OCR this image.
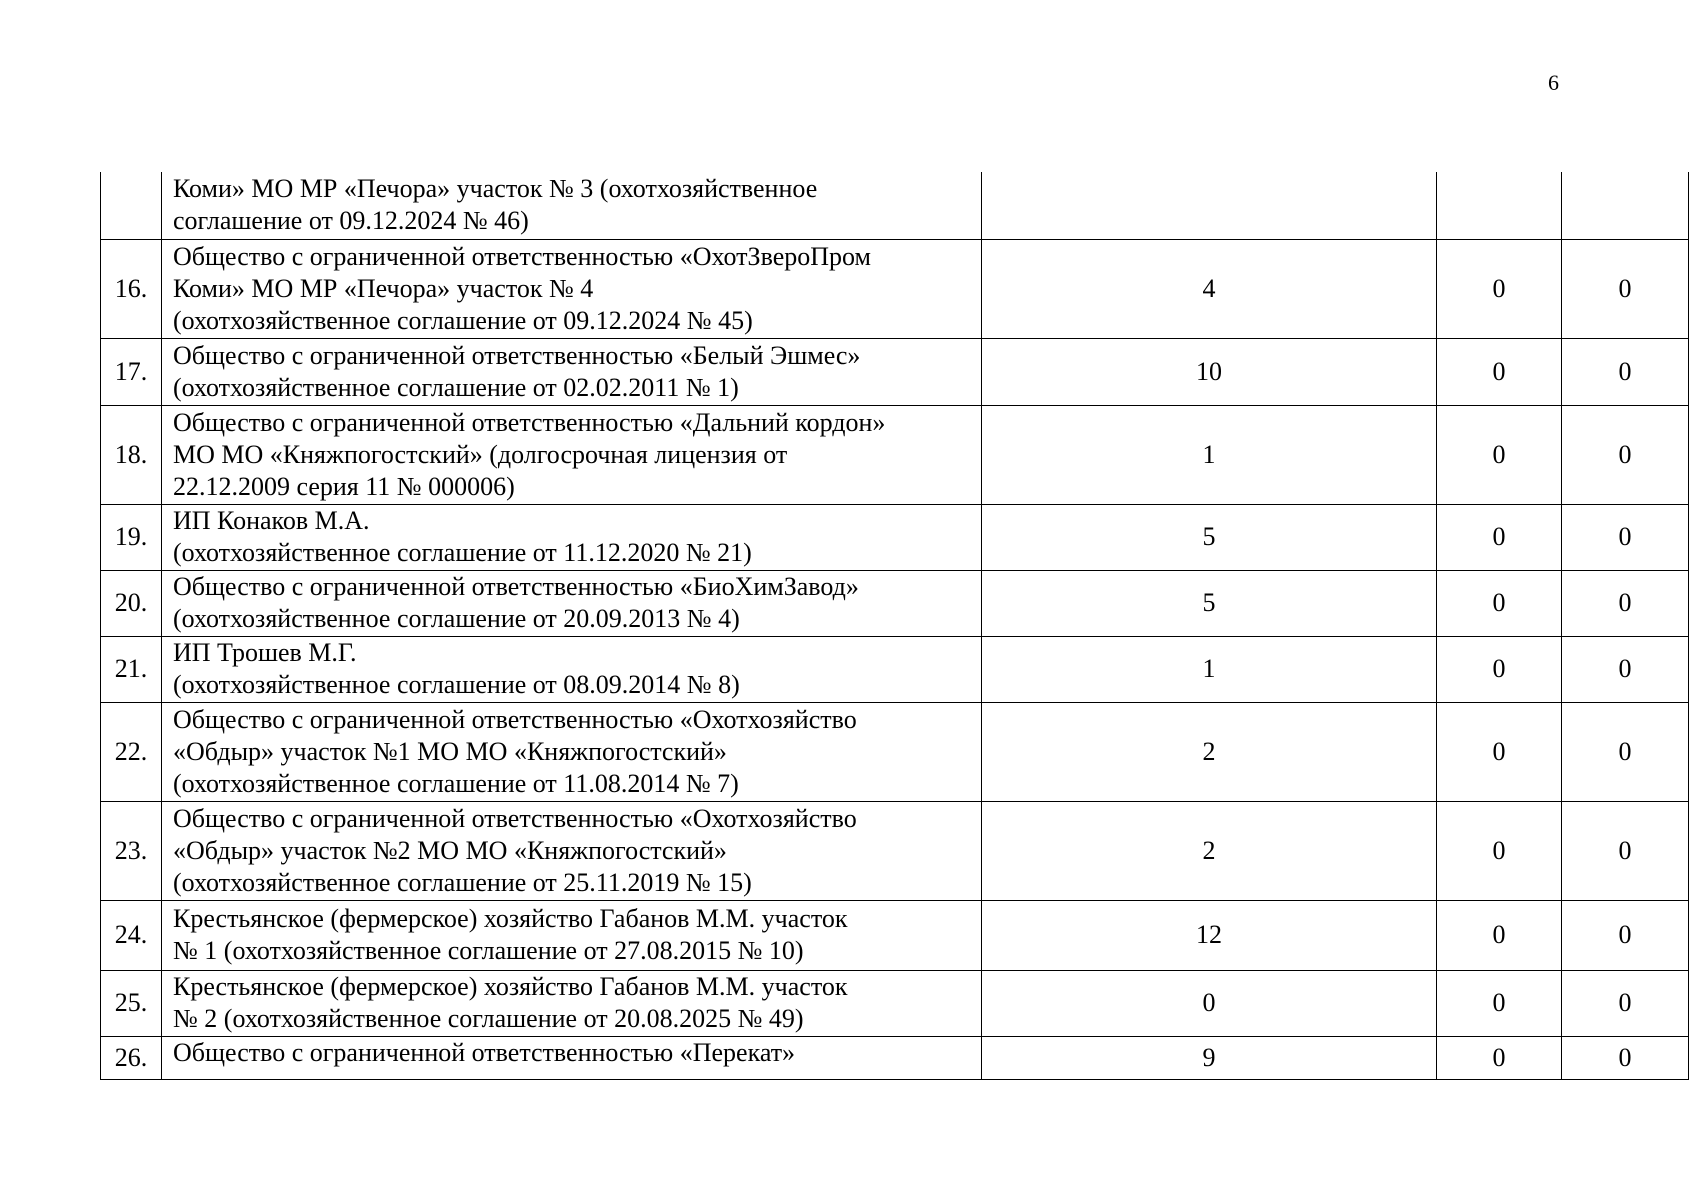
6

	Коми» МО МР «Печора» участок № 3 (охотхозяйственное
соглашение от 09.12.2024 № 46)			

16.	Общество с ограниченной ответственностью «ОхотЗвероПром
Коми» МО МР «Печора» участок № 4
(охотхозяйственное соглашение от 09.12.2024 № 45)	4	0	0
17.	Общество с ограниченной ответственностью «Белый Эшмес»
(охотхозяйственное соглашение от 02.02.2011 № 1)	10	0	0
18.	Общество с ограниченной ответственностью «Дальний кордон»
МО МО «Княжпогостский» (долгосрочная лицензия от
22.12.2009 серия 11 № 000006)	1	0	0
19.	ИП Конаков М.А.
(охотхозяйственное соглашение от 11.12.2020 № 21)	5	0	0
20.	Общество с ограниченной ответственностью «БиоХимЗавод»
(охотхозяйственное соглашение от 20.09.2013 № 4)	5	0	0
21.	ИП Трошев М.Г.
(охотхозяйственное соглашение от 08.09.2014 № 8)	1	0	0
22.	Общество с ограниченной ответственностью «Охотхозяйство
«Обдыр» участок №1 МО МО «Княжпогостский»
(охотхозяйственное соглашение от 11.08.2014 № 7)	2	0	0
23.	Общество с ограниченной ответственностью «Охотхозяйство
«Обдыр» участок №2 МО МО «Княжпогостский»
(охотхозяйственное соглашение от 25.11.2019 № 15)	2	0	0
24.	Крестьянское (фермерское) хозяйство Габанов М.М. участок
№ 1 (охотхозяйственное соглашение от 27.08.2015 № 10)	12	0	0
25.	Крестьянское (фермерское) хозяйство Габанов М.М. участок
№ 2 (охотхозяйственное соглашение от 20.08.2025 № 49)	0	0	0
26.	Общество с ограниченной ответственностью «Перекат»	9	0	0
